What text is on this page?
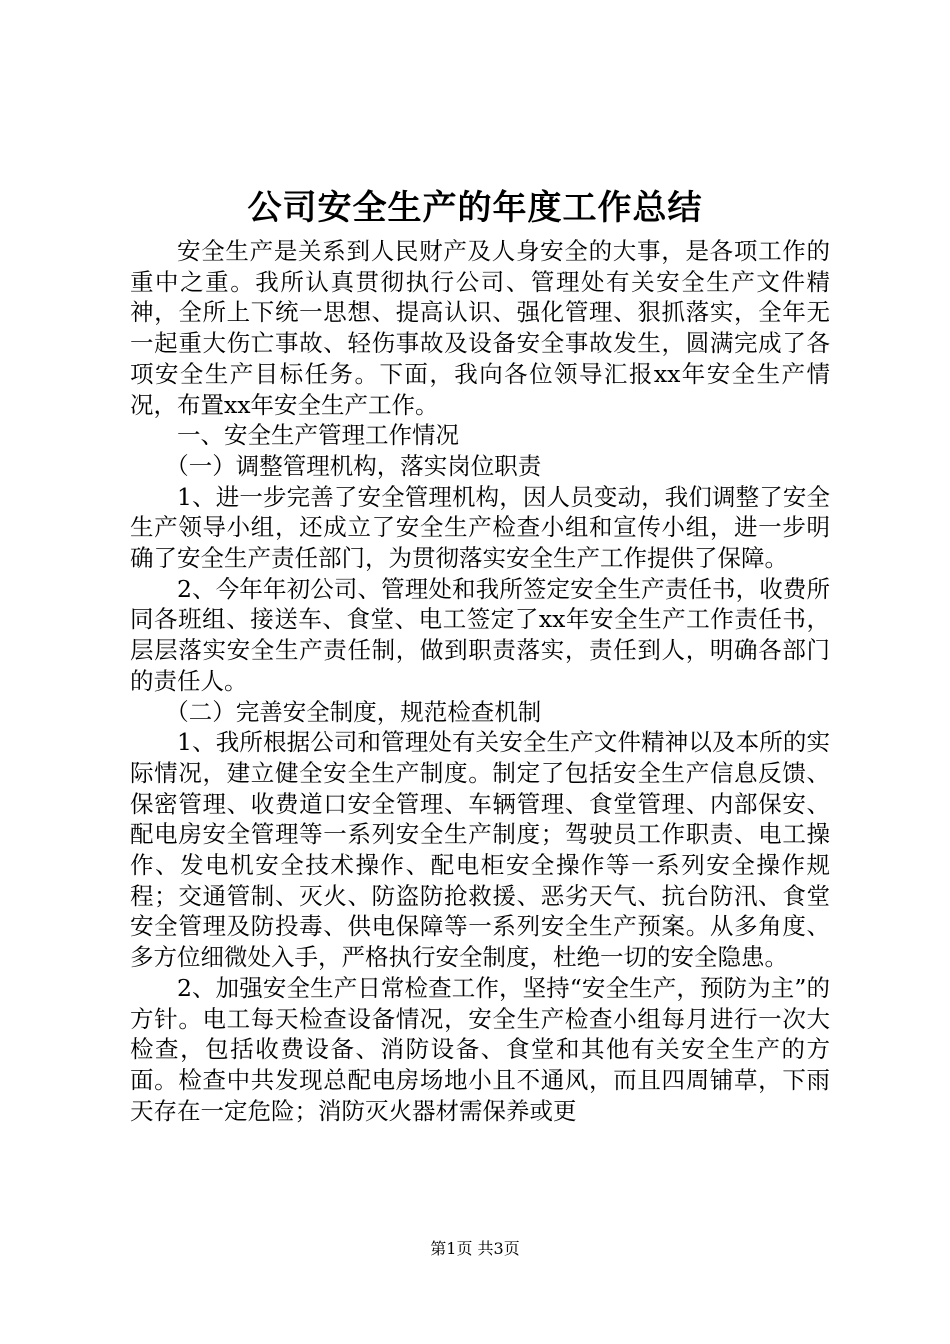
公司安全生产的年度工作总结

安全生产是关系到人民财产及人身安全的大事，是各项工作的重中之重。我所认真贯彻执行公司、管理处有关安全生产文件精神，全所上下统一思想、提高认识、强化管理、狠抓落实，全年无一起重大伤亡事故、轻伤事故及设备安全事故发生，圆满完成了各项安全生产目标任务。下面，我向各位领导汇报xx年安全生产情况，布置xx年安全生产工作。

一、安全生产管理工作情况

（一）调整管理机构，落实岗位职责

1、进一步完善了安全管理机构，因人员变动，我们调整了安全生产领导小组，还成立了安全生产检查小组和宣传小组，进一步明确了安全生产责任部门，为贯彻落实安全生产工作提供了保障。

2、今年年初公司、管理处和我所签定安全生产责任书，收费所同各班组、接送车、食堂、电工签定了xx年安全生产工作责任书，层层落实安全生产责任制，做到职责落实，责任到人，明确各部门的责任人。

（二）完善安全制度，规范检查机制

1、我所根据公司和管理处有关安全生产文件精神以及本所的实际情况，建立健全安全生产制度。制定了包括安全生产信息反馈、保密管理、收费道口安全管理、车辆管理、食堂管理、内部保安、配电房安全管理等一系列安全生产制度；驾驶员工作职责、电工操作、发电机安全技术操作、配电柜安全操作等一系列安全操作规程；交通管制、灭火、防盗防抢救援、恶劣天气、抗台防汛、食堂安全管理及防投毒、供电保障等一系列安全生产预案。从多角度、多方位细微处入手，严格执行安全制度，杜绝一切的安全隐患。

2、加强安全生产日常检查工作，坚持“安全生产，预防为主”的方针。电工每天检查设备情况，安全生产检查小组每月进行一次大检查，包括收费设备、消防设备、食堂和其他有关安全生产的方面。检查中共发现总配电房场地小且不通风，而且四周铺草，下雨天存在一定危险；消防灭火器材需保养或更

第1页 共3页
